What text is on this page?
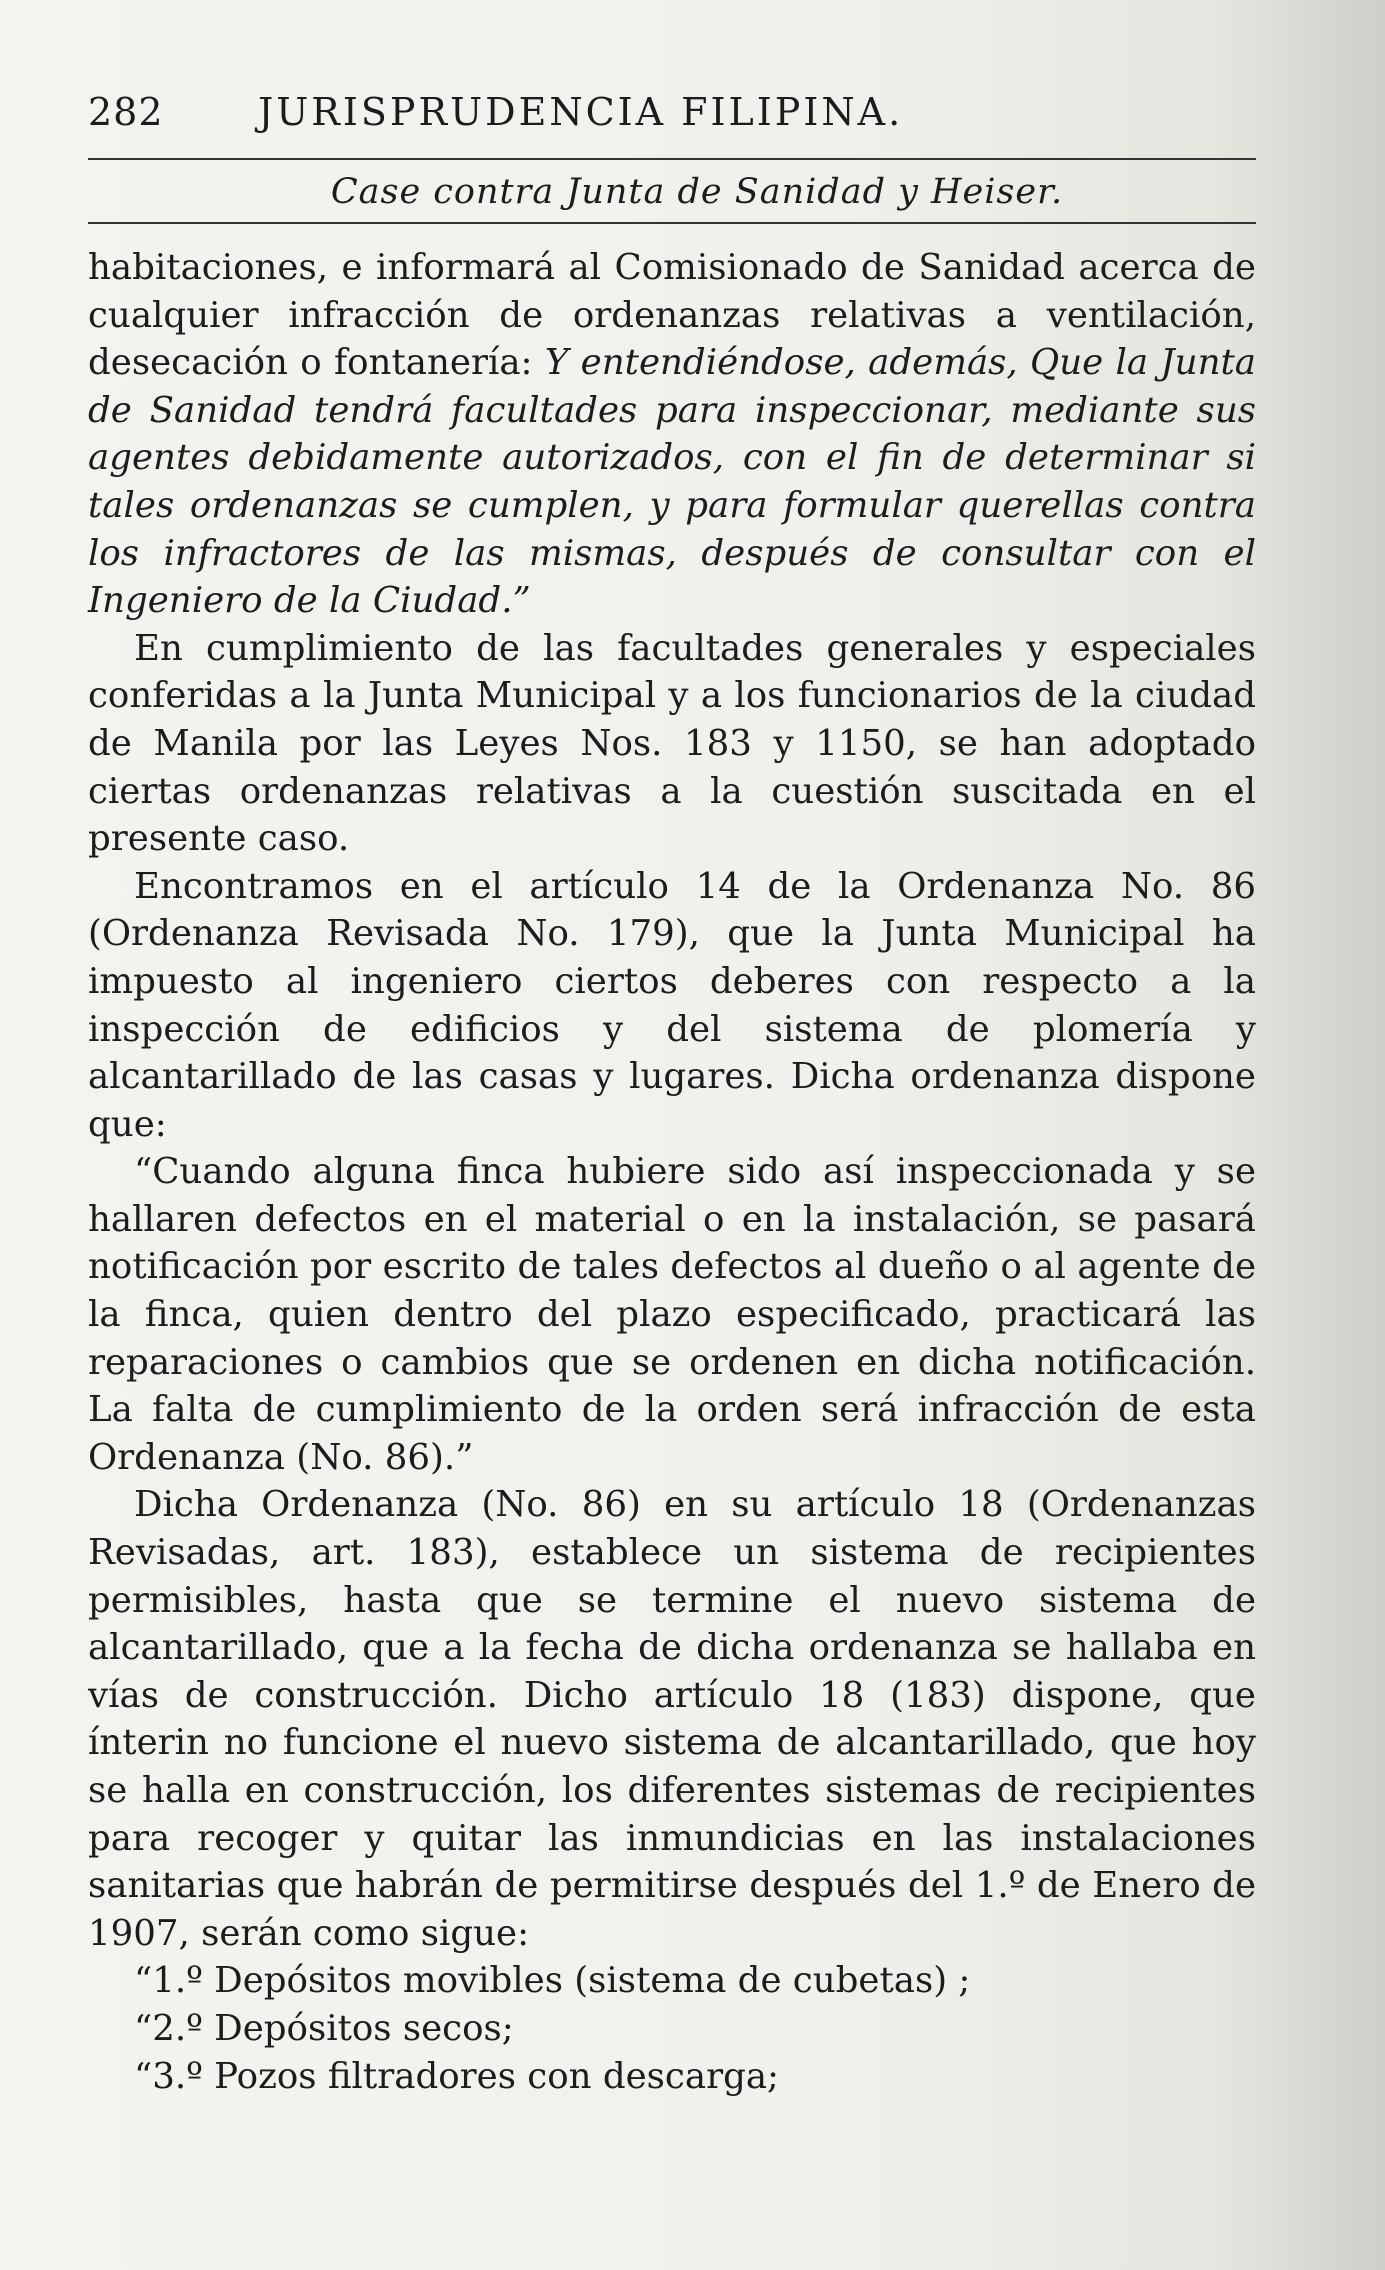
282	JURISPRUDENCIA FILIPINA.
Case contra Junta de Sanidad y Heiser.

habitaciones, e informará al Comisionado de Sanidad acerca de cualquier infracción de ordenanzas relativas a ventilación, desecación o fontanería: Y entendiéndose, además, Que la Junta de Sanidad tendrá facultades para inspeccionar, mediante sus agentes debidamente autorizados, con el fin de determinar si tales ordenanzas se cumplen, y para formular querellas contra los infractores de las mismas, después de consultar con el Ingeniero de la Ciudad.”

En cumplimiento de las facultades generales y especiales conferidas a la Junta Municipal y a los funcionarios de la ciudad de Manila por las Leyes Nos. 183 y 1150, se han adoptado ciertas ordenanzas relativas a la cuestión suscitada en el presente caso.

Encontramos en el artículo 14 de la Ordenanza No. 86 (Ordenanza Revisada No. 179), que la Junta Municipal ha impuesto al ingeniero ciertos deberes con respecto a la inspección de edificios y del sistema de plomería y alcantarillado de las casas y lugares. Dicha ordenanza dispone que:

“Cuando alguna finca hubiere sido así inspeccionada y se hallaren defectos en el material o en la instalación, se pasará notificación por escrito de tales defectos al dueño o al agente de la finca, quien dentro del plazo especificado, practicará las reparaciones o cambios que se ordenen en dicha notificación. La falta de cumplimiento de la orden será infracción de esta Ordenanza (No. 86).”

Dicha Ordenanza (No. 86) en su artículo 18 (Ordenanzas Revisadas, art. 183), establece un sistema de recipientes permisibles, hasta que se termine el nuevo sistema de alcantarillado, que a la fecha de dicha ordenanza se hallaba en vías de construcción. Dicho artículo 18 (183) dispone, que ínterin no funcione el nuevo sistema de alcantarillado, que hoy se halla en construcción, los diferentes sistemas de recipientes para recoger y quitar las inmundicias en las instalaciones sanitarias que habrán de permitirse después del 1.º de Enero de 1907, serán como sigue:

“1.º Depósitos movibles (sistema de cubetas) ;

“2.º Depósitos secos;

“3.º Pozos filtradores con descarga;
